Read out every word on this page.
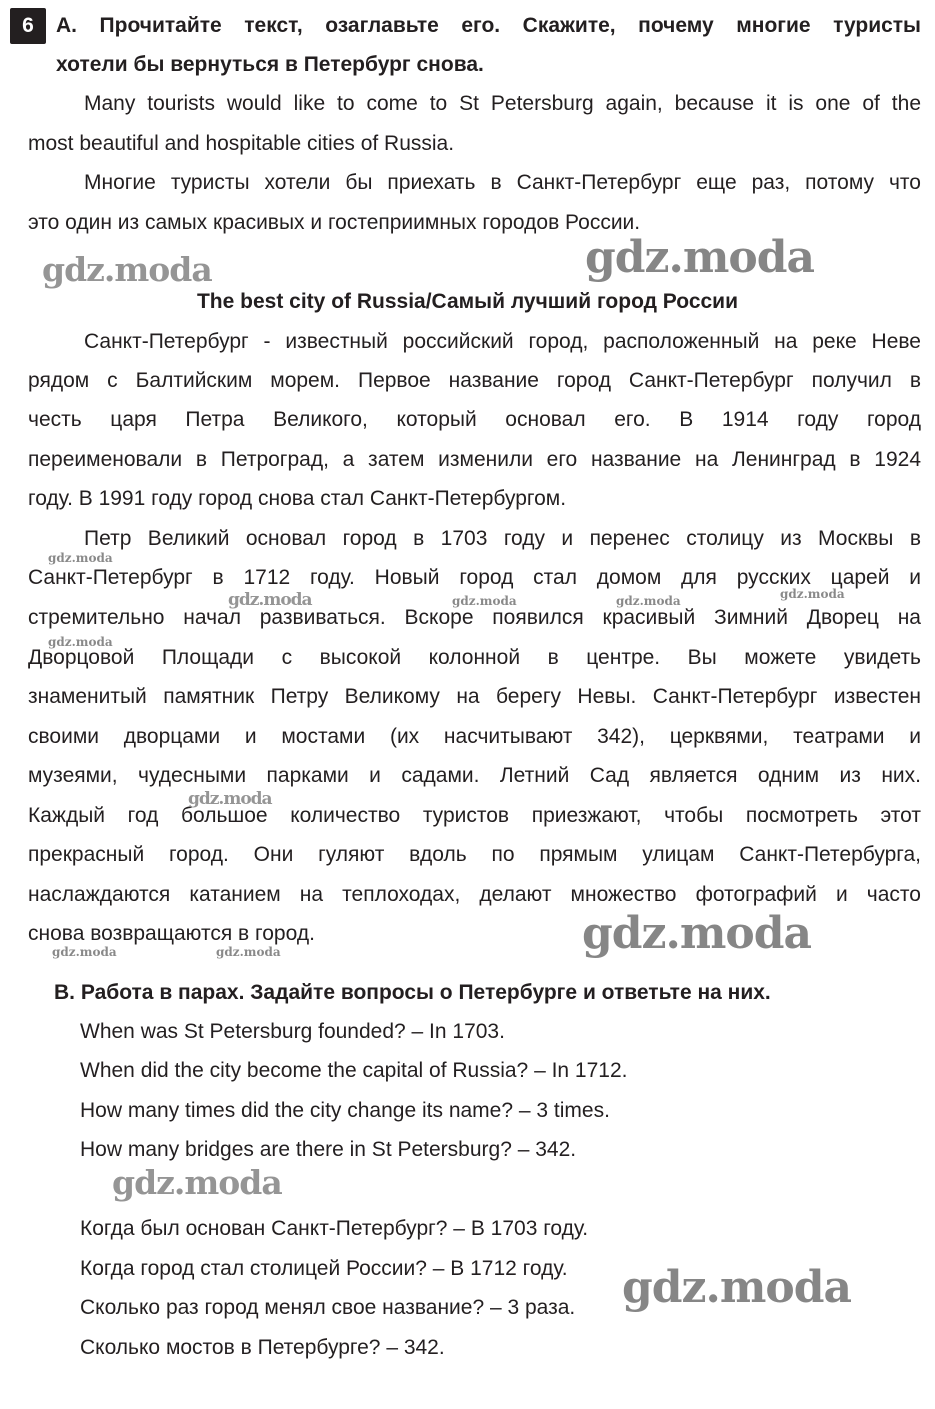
6	A. Прочитайте текст, озаглавьте его. Скажите, почему многие туристы
хотели бы вернуться в Петербург снова.
Many tourists would like to come to St Petersburg again, because it is one of the
most beautiful and hospitable cities of Russia.
Многие туристы хотели бы приехать в Санкт-Петербург еще раз, потому что
это один из самых красивых и гостеприимных городов России.
The best city of Russia/Самый лучший город России
Санкт-Петербург - известный российский город, расположенный на реке Неве
рядом с Балтийским морем. Первое название город Санкт-Петербург получил в
честь царя Петра Великого, который основал его. В 1914 году город
переименовали в Петроград, а затем изменили его название на Ленинград в 1924
году. В 1991 году город снова стал Санкт-Петербургом.
Петр Великий основал город в 1703 году и перенес столицу из Москвы в
Санкт-Петербург в 1712 году. Новый город стал домом для русских царей и
стремительно начал развиваться. Вскоре появился красивый Зимний Дворец на
Дворцовой Площади с высокой колонной в центре. Вы можете увидеть
знаменитый памятник Петру Великому на берегу Невы. Санкт-Петербург известен
своими дворцами и мостами (их насчитывают 342), церквями, театрами и
музеями, чудесными парками и садами. Летний Сад является одним из них.
Каждый год большое количество туристов приезжают, чтобы посмотреть этот
прекрасный город. Они гуляют вдоль по прямым улицам Санкт-Петербурга,
наслаждаются катанием на теплоходах, делают множество фотографий и часто
снова возвращаются в город.
B. Работа в парах. Задайте вопросы о Петербурге и ответьте на них.
When was St Petersburg founded? – In 1703.
When did the city become the capital of Russia? – In 1712.
How many times did the city change its name? – 3 times.
How many bridges are there in St Petersburg? – 342.
Когда был основан Санкт-Петербург? – В 1703 году.
Когда город стал столицей России? – В 1712 году.
Сколько раз город менял свое название? – 3 раза.
Сколько мостов в Петербурге? – 342.
gdz.moda	gdz.moda
gdz.moda
gdz.moda	gdz.moda	gdz.moda	gdz.moda
gdz.moda
gdz.moda
gdz.moda
gdz.moda	gdz.moda
gdz.moda
gdz.moda
